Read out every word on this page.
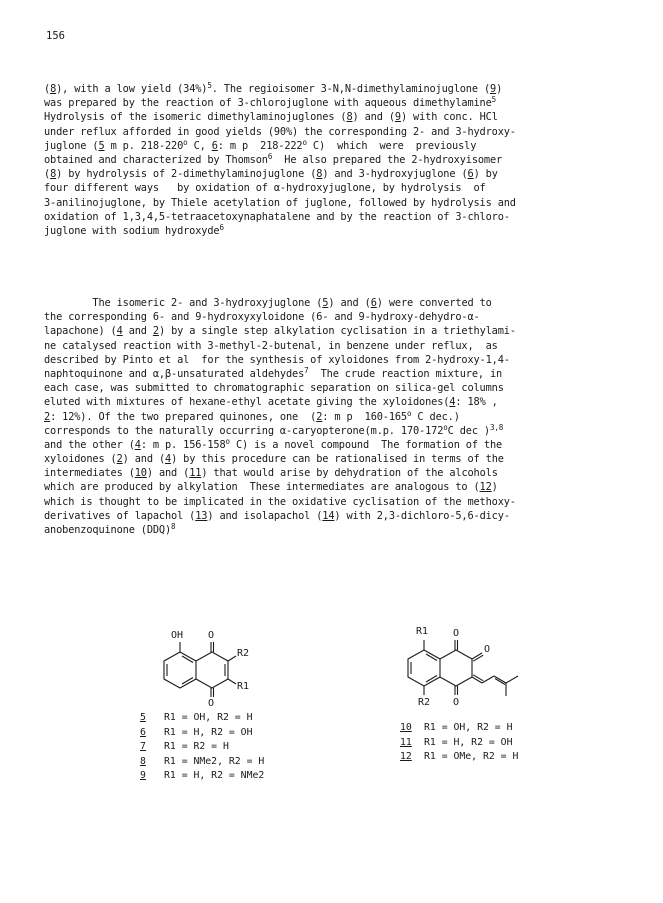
156
(8), with a low yield $(34\%)^5$. The regioisomer 3-N,N-dimethylaminojuglone (9)
was prepared by the reaction of 3-chlorojuglone with aqueous dimethylamine$^5$
Hydrolysis of the isomeric dimethylaminojuglones (8) and (9) with conc. HCl
under reflux afforded in good yields (90%) the corresponding 2- and 3-hydroxy-
juglone (5 m p. 218-220$^o$ C, 6: m p  218-222$^o$ C)  which  were  previously
obtained and characterized by Thomson$^6$  He also prepared the 2-hydroxyisomer
(8) by hydrolysis of 2-dimethylaminojuglone (8) and 3-hydroxyjuglone (6) by
four different ways   by oxidation of α-hydroxyjuglone, by hydrolysis  of
3-anilinojuglone, by Thiele acetylation of juglone, followed by hydrolysis and
oxidation of 1,3,4,5-tetraacetoxynaphatalene and by the reaction of 3-chloro-
juglone with sodium hydroxyde$^6$
The isomeric 2- and 3-hydroxyjuglone (5) and (6) were converted to
the corresponding 6- and 9-hydroxyxyloidone (6- and 9-hydroxy-dehydro-α-
lapachone) (4 and 2) by a single step alkylation cyclisation in a triethylami-
ne catalysed reaction with 3-methyl-2-butenal, in benzene under reflux,  as
described by Pinto et al  for the synthesis of xyloidones from 2-hydroxy-1,4-
naphtoquinone and α,β-unsaturated aldehydes$^7$  The crude reaction mixture, in
each case, was submitted to chromatographic separation on silica-gel columns
eluted with mixtures of hexane-ethyl acetate giving the xyloidones(4: 18% ,
2: 12%). Of the two prepared quinones, one  (2: m p  160-165$^o$ C dec.)
corresponds to the naturally occurring α-caryopterone(m.p. 170-172$^o$C dec )$^{3,8}$
and the other (4: m p. 156-158$^o$ C) is a novel compound  The formation of the
xyloidones (2) and (4) by this procedure can be rationalised in terms of the
intermediates (10) and (11) that would arise by dehydration of the alcohols
which are produced by alkylation  These intermediates are analogous to (12)
which is thought to be implicated in the oxidative cyclisation of the methoxy-
derivatives of lapachol (13) and isolapachol (14) with 2,3-dichloro-5,6-dicy-
anobenzoquinone (DDQ)$^8$
OH O
O
R2
R1
5 R1 = OH, R2 = H
6 R1 = H, R2 = OH
7 R1 = R2 = H
8 R1 = NMe2, R2 = H
9 R1 = H, R2 = NMe2
R1 O
O
R2 O
10 R1 = OH, R2 = H
11 R1 = H, R2 = OH
12 R1 = OMe, R2 = H
